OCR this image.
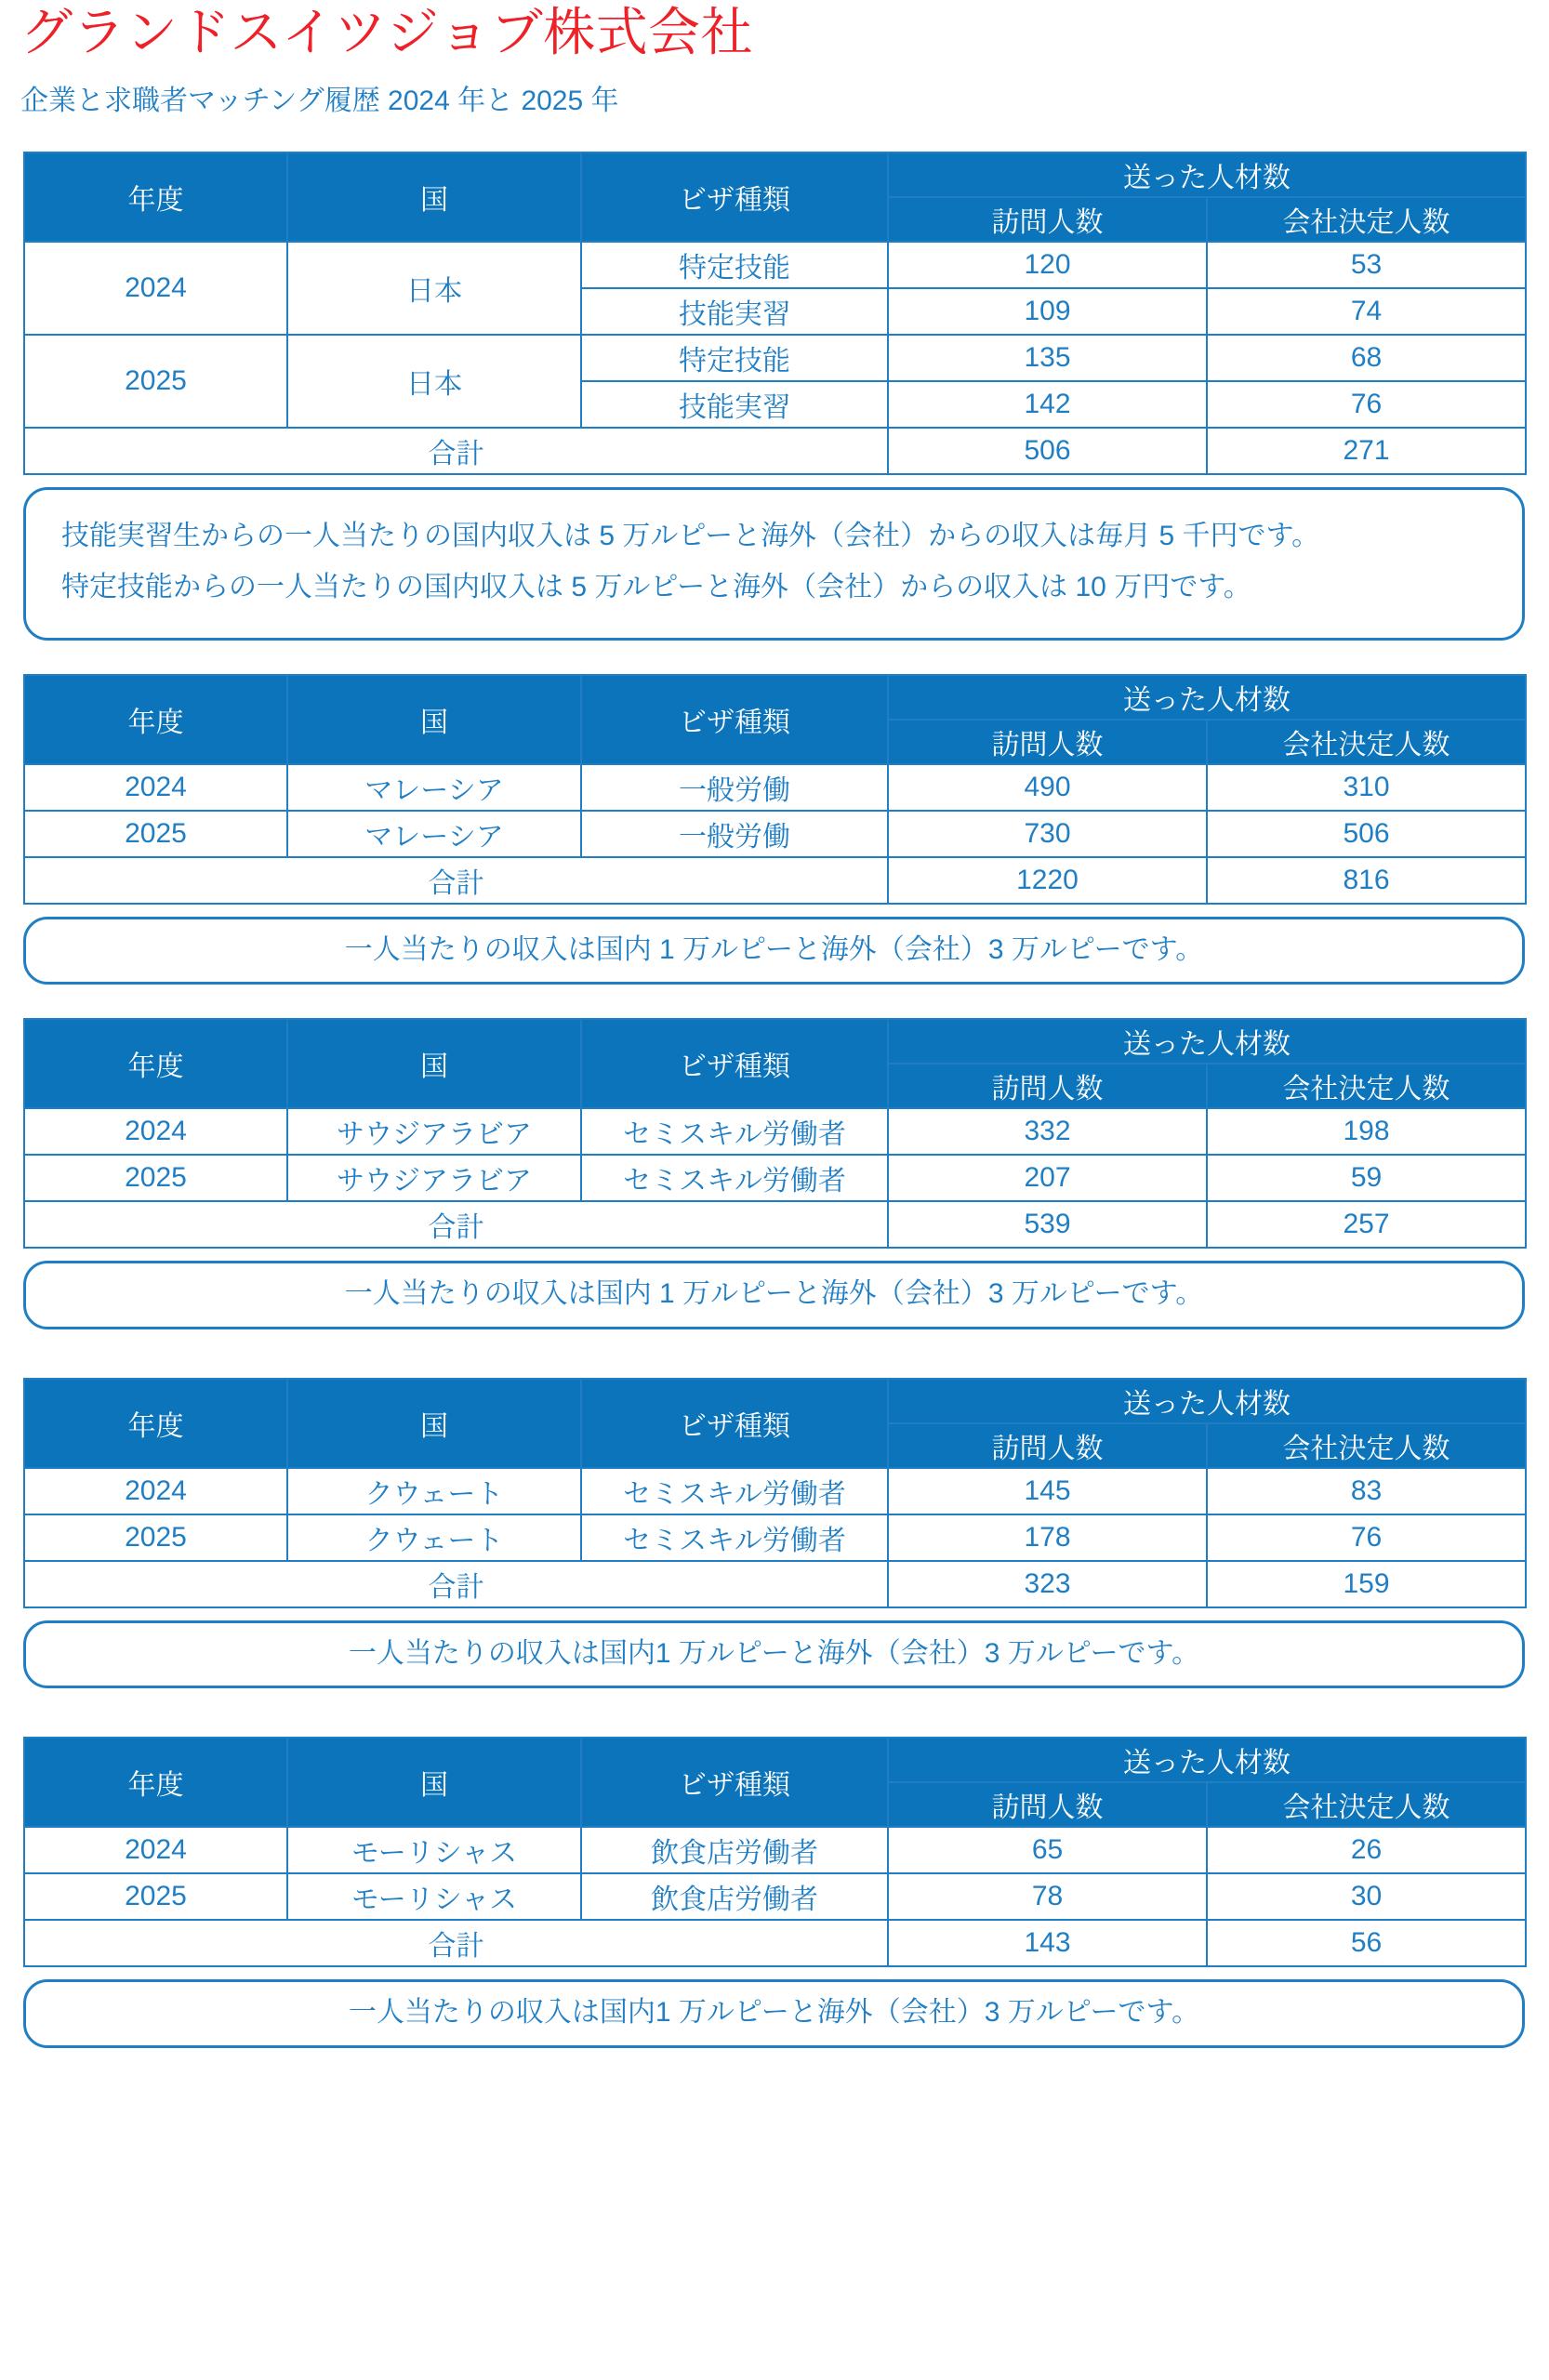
グランドスイツジョブ株式会社
企業と求職者マッチング履歴 2024 年と 2025 年
年度	国	ビザ種類	送った人材数	
			訪問人数	会社決定人数
2024	日本	特定技能	120	53
		技能実習	109	74
2025	日本	特定技能	135	68
		技能実習	142	76
合計			506	271

技能実習生からの一人当たりの国内収入は 5 万ルピーと海外（会社）からの収入は毎月 5 千円です。

特定技能からの一人当たりの国内収入は 5 万ルピーと海外（会社）からの収入は 10 万円です。

年度	国	ビザ種類	送った人材数	
			訪問人数	会社決定人数
2024	マレーシア	一般労働	490	310
2025	マレーシア	一般労働	730	506
合計			1220	816
一人当たりの収入は国内 1 万ルピーと海外（会社）3 万ルピーです。
年度	国	ビザ種類	送った人材数	
			訪問人数	会社決定人数
2024	サウジアラビア	セミスキル労働者	332	198
2025	サウジアラビア	セミスキル労働者	207	59
合計			539	257
一人当たりの収入は国内 1 万ルピーと海外（会社）3 万ルピーです。
年度	国	ビザ種類	送った人材数	
			訪問人数	会社決定人数
2024	クウェート	セミスキル労働者	145	83
2025	クウェート	セミスキル労働者	178	76
合計			323	159
一人当たりの収入は国内1 万ルピーと海外（会社）3 万ルピーです。
年度	国	ビザ種類	送った人材数	
			訪問人数	会社決定人数
2024	モーリシャス	飲食店労働者	65	26
2025	モーリシャス	飲食店労働者	78	30
合計			143	56
一人当たりの収入は国内1 万ルピーと海外（会社）3 万ルピーです。
